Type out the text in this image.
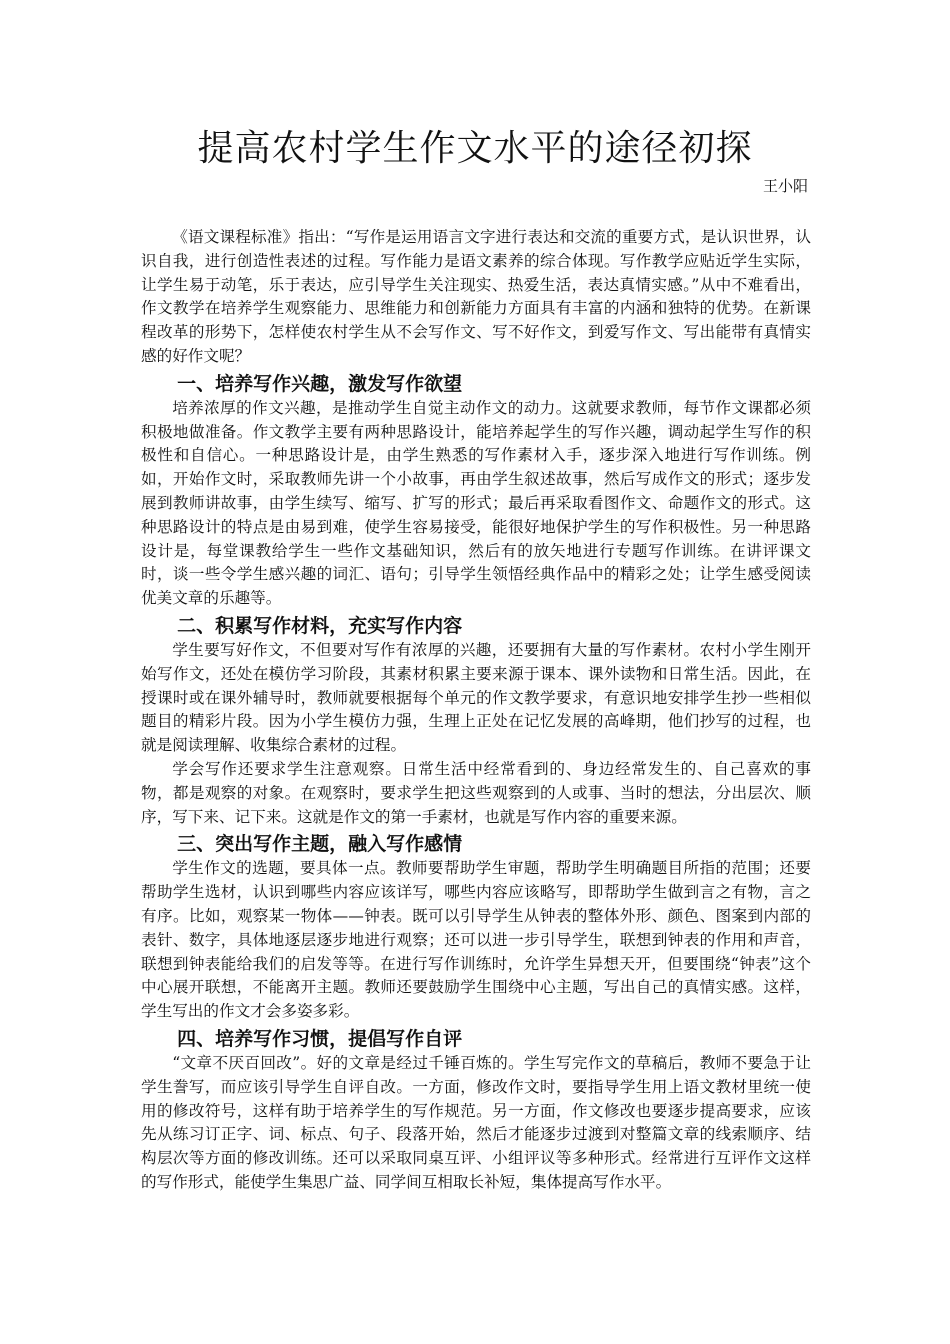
提高农村学生作文水平的途径初探
王小阳

《语文课程标准》指出：“写作是运用语言文字进行表达和交流的重要方式，是认识世界，认识自我，进行创造性表述的过程。写作能力是语文素养的综合体现。写作教学应贴近学生实际，让学生易于动笔，乐于表达，应引导学生关注现实、热爱生活，表达真情实感。”从中不难看出，作文教学在培养学生观察能力、思维能力和创新能力方面具有丰富的内涵和独特的优势。在新课程改革的形势下，怎样使农村学生从不会写作文、写不好作文，到爱写作文、写出能带有真情实感的好作文呢？

一、培养写作兴趣，激发写作欲望

培养浓厚的作文兴趣，是推动学生自觉主动作文的动力。这就要求教师，每节作文课都必须积极地做准备。作文教学主要有两种思路设计，能培养起学生的写作兴趣，调动起学生写作的积极性和自信心。一种思路设计是，由学生熟悉的写作素材入手，逐步深入地进行写作训练。例如，开始作文时，采取教师先讲一个小故事，再由学生叙述故事，然后写成作文的形式；逐步发展到教师讲故事，由学生续写、缩写、扩写的形式；最后再采取看图作文、命题作文的形式。这种思路设计的特点是由易到难，使学生容易接受，能很好地保护学生的写作积极性。另一种思路设计是，每堂课教给学生一些作文基础知识，然后有的放矢地进行专题写作训练。在讲评课文时，谈一些令学生感兴趣的词汇、语句；引导学生领悟经典作品中的精彩之处；让学生感受阅读优美文章的乐趣等。

二、积累写作材料，充实写作内容

学生要写好作文，不但要对写作有浓厚的兴趣，还要拥有大量的写作素材。农村小学生刚开始写作文，还处在模仿学习阶段，其素材积累主要来源于课本、课外读物和日常生活。因此，在授课时或在课外辅导时，教师就要根据每个单元的作文教学要求，有意识地安排学生抄一些相似题目的精彩片段。因为小学生模仿力强，生理上正处在记忆发展的高峰期，他们抄写的过程，也就是阅读理解、收集综合素材的过程。

学会写作还要求学生注意观察。日常生活中经常看到的、身边经常发生的、自己喜欢的事物，都是观察的对象。在观察时，要求学生把这些观察到的人或事、当时的想法，分出层次、顺序，写下来、记下来。这就是作文的第一手素材，也就是写作内容的重要来源。

三、突出写作主题，融入写作感情

学生作文的选题，要具体一点。教师要帮助学生审题，帮助学生明确题目所指的范围；还要帮助学生选材，认识到哪些内容应该详写，哪些内容应该略写，即帮助学生做到言之有物，言之有序。比如，观察某一物体——钟表。既可以引导学生从钟表的整体外形、颜色、图案到内部的表针、数字，具体地逐层逐步地进行观察；还可以进一步引导学生，联想到钟表的作用和声音，联想到钟表能给我们的启发等等。在进行写作训练时，允许学生异想天开，但要围绕“钟表”这个中心展开联想，不能离开主题。教师还要鼓励学生围绕中心主题，写出自己的真情实感。这样，学生写出的作文才会多姿多彩。

四、培养写作习惯，提倡写作自评

“文章不厌百回改”。好的文章是经过千锤百炼的。学生写完作文的草稿后，教师不要急于让学生誊写，而应该引导学生自评自改。一方面，修改作文时，要指导学生用上语文教材里统一使用的修改符号，这样有助于培养学生的写作规范。另一方面，作文修改也要逐步提高要求，应该先从练习订正字、词、标点、句子、段落开始，然后才能逐步过渡到对整篇文章的线索顺序、结构层次等方面的修改训练。还可以采取同桌互评、小组评议等多种形式。经常进行互评作文这样的写作形式，能使学生集思广益、同学间互相取长补短，集体提高写作水平。
